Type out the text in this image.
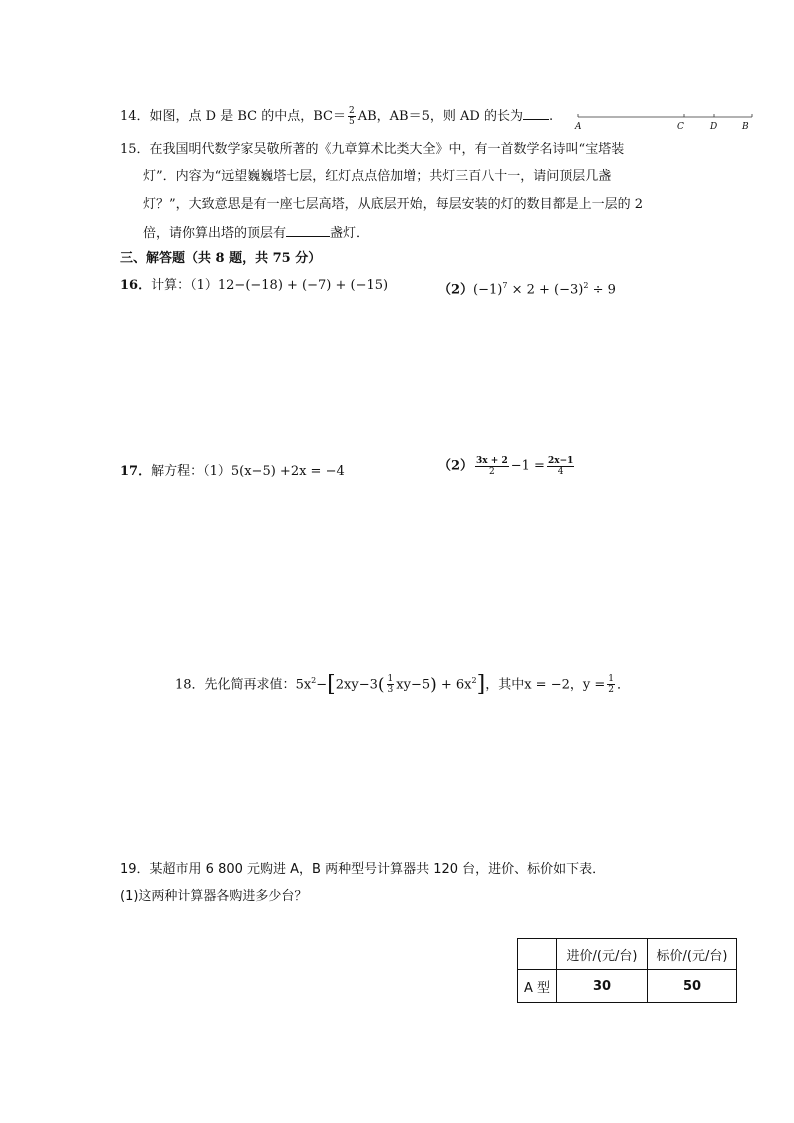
14．如图，点 D 是 BC 的中点，$BC= \frac{2}{5}$ AB，AB＝5，则 AD 的长为 .
A	C	D	B
15．在我国明代数学家吴敬所著的《九章算术比类大全》中，有一首数学名诗叫“宝塔装
灯”．内容为“远望巍巍塔七层，红灯点点倍加增；共灯三百八十一，请问顶层几盏
灯？”，大致意思是有一座七层高塔，从底层开始，每层安装的灯的数目都是上一层的 2
倍，请你算出塔的顶层有	盏灯．
三、解答题（共 8 题，共 75 分）
16．计算：（1）12−(−18) + (−7) + (−15)	$(2)(-1)^7 \times 2 + (-3)^2 \div 9$
17．解方程：（1）5(x−5) +2x = −4	$(2) \frac{3x + 2}{2} -1 = \frac{2x-1}{4}$
18．先化简再求值：$5x^2-[2xy-3( \frac{1}{3} xy-5) + 6x^2]$，其中x = −2，$y = \frac{1}{2}$ ．
19．某超市用 6 800 元购进 A，B 两种型号计算器共 120 台，进价、标价如下表．
(1)这两种计算器各购进多少台？
	进价/(元/台)	标价/(元/台)
A 型	30	50
